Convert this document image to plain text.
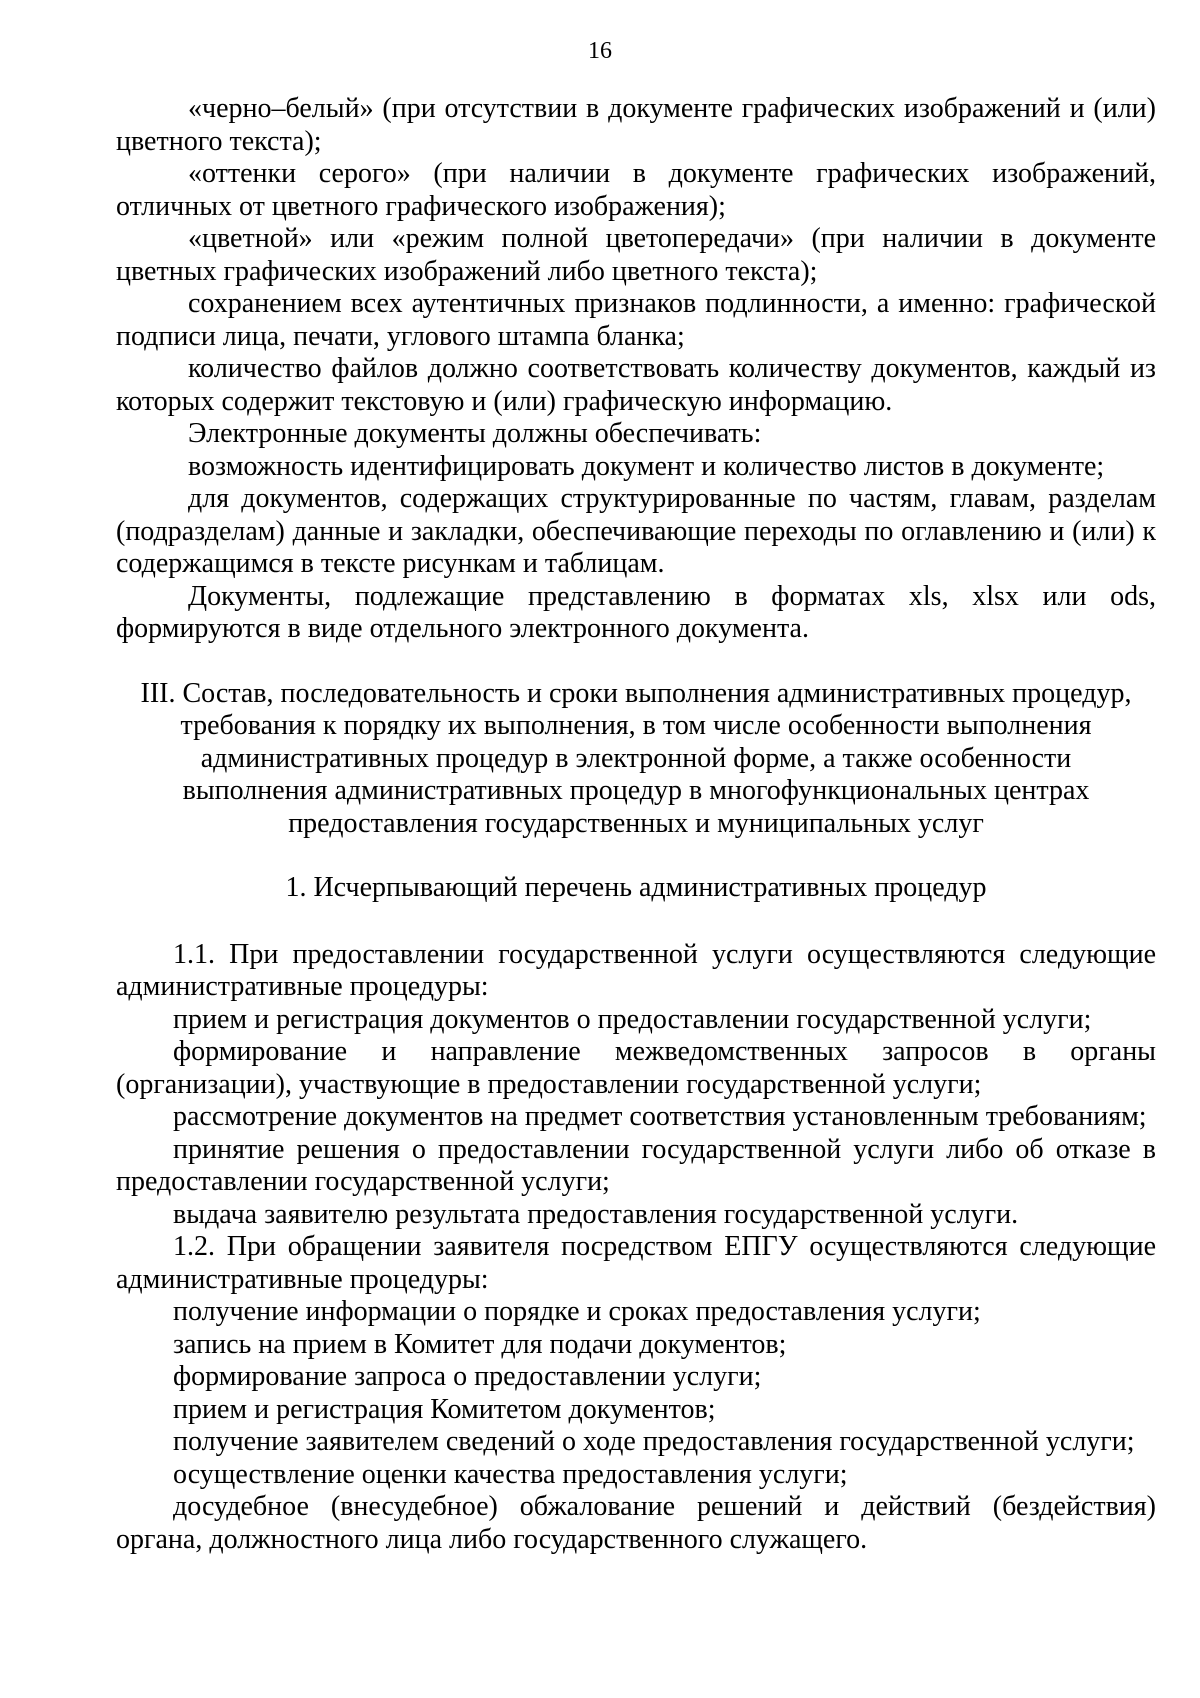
16

«черно–белый» (при отсутствии в документе графических изображений и (или) цветного текста);

«оттенки серого» (при наличии в документе графических изображений, отличных от цветного графического изображения);

«цветной» или «режим полной цветопередачи» (при наличии в документе цветных графических изображений либо цветного текста);

сохранением всех аутентичных признаков подлинности, а именно: графической подписи лица, печати, углового штампа бланка;

количество файлов должно соответствовать количеству документов, каждый из которых содержит текстовую и (или) графическую информацию.

Электронные документы должны обеспечивать:

возможность идентифицировать документ и количество листов в документе;

для документов, содержащих структурированные по частям, главам, разделам (подразделам) данные и закладки, обеспечивающие переходы по оглавлению и (или) к содержащимся в тексте рисункам и таблицам.

Документы, подлежащие представлению в форматах xls, xlsx или ods, формируются в виде отдельного электронного документа.

III. Состав, последовательность и сроки выполнения административных процедур,

требования к порядку их выполнения, в том числе особенности выполнения

административных процедур в электронной форме, а также особенности

выполнения административных процедур в многофункциональных центрах

предоставления государственных и муниципальных услуг

1. Исчерпывающий перечень административных процедур

1.1. При предоставлении государственной услуги осуществляются следующие административные процедуры:

прием и регистрация документов о предоставлении государственной услуги;

формирование и направление межведомственных запросов в органы (организации), участвующие в предоставлении государственной услуги;

рассмотрение документов на предмет соответствия установленным требованиям;

принятие решения о предоставлении государственной услуги либо об отказе в предоставлении государственной услуги;

выдача заявителю результата предоставления государственной услуги.

1.2. При обращении заявителя посредством ЕПГУ осуществляются следующие административные процедуры:

получение информации о порядке и сроках предоставления услуги;

запись на прием в Комитет для подачи документов;

формирование запроса о предоставлении услуги;

прием и регистрация Комитетом документов;

получение заявителем сведений о ходе предоставления государственной услуги;

осуществление оценки качества предоставления услуги;

досудебное (внесудебное) обжалование решений и действий (бездействия) органа, должностного лица либо государственного служащего.
